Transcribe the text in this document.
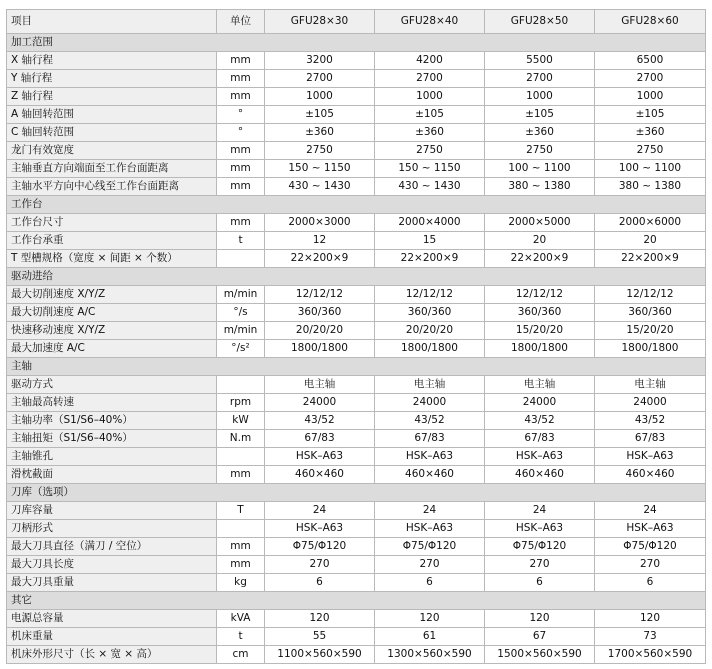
项目	单位	GFU28×30	GFU28×40	GFU28×50	GFU28×60
加工范围					
X 轴行程	mm	3200	4200	5500	6500
Y 轴行程	mm	2700	2700	2700	2700
Z 轴行程	mm	1000	1000	1000	1000
A 轴回转范围	°	±105	±105	±105	±105
C 轴回转范围	°	±360	±360	±360	±360
龙门有效宽度	mm	2750	2750	2750	2750
主轴垂直方向端面至工作台面距离	mm	150 ~ 1150	150 ~ 1150	100 ~ 1100	100 ~ 1100
主轴水平方向中心线至工作台面距离	mm	430 ~ 1430	430 ~ 1430	380 ~ 1380	380 ~ 1380
工作台					
工作台尺寸	mm	2000×3000	2000×4000	2000×5000	2000×6000
工作台承重	t	12	15	20	20
T 型槽规格（宽度 × 间距 × 个数）		22×200×9	22×200×9	22×200×9	22×200×9
驱动进给					
最大切削速度 X/Y/Z	m/min	12/12/12	12/12/12	12/12/12	12/12/12
最大切削速度 A/C	°/s	360/360	360/360	360/360	360/360
快速移动速度 X/Y/Z	m/min	20/20/20	20/20/20	15/20/20	15/20/20
最大加速度 A/C	°/s²	1800/1800	1800/1800	1800/1800	1800/1800
主轴					
驱动方式		电主轴	电主轴	电主轴	电主轴
主轴最高转速	rpm	24000	24000	24000	24000
主轴功率（S1/S6–40%）	kW	43/52	43/52	43/52	43/52
主轴扭矩（S1/S6–40%）	N.m	67/83	67/83	67/83	67/83
主轴锥孔		HSK–A63	HSK–A63	HSK–A63	HSK–A63
滑枕截面	mm	460×460	460×460	460×460	460×460
刀库（选项）					
刀库容量	T	24	24	24	24
刀柄形式		HSK–A63	HSK–A63	HSK–A63	HSK–A63
最大刀具直径（满刀 / 空位）	mm	Φ75/Φ120	Φ75/Φ120	Φ75/Φ120	Φ75/Φ120
最大刀具长度	mm	270	270	270	270
最大刀具重量	kg	6	6	6	6
其它					
电源总容量	kVA	120	120	120	120
机床重量	t	55	61	67	73
机床外形尺寸（长 × 宽 × 高）	cm	1100×560×590	1300×560×590	1500×560×590	1700×560×590
